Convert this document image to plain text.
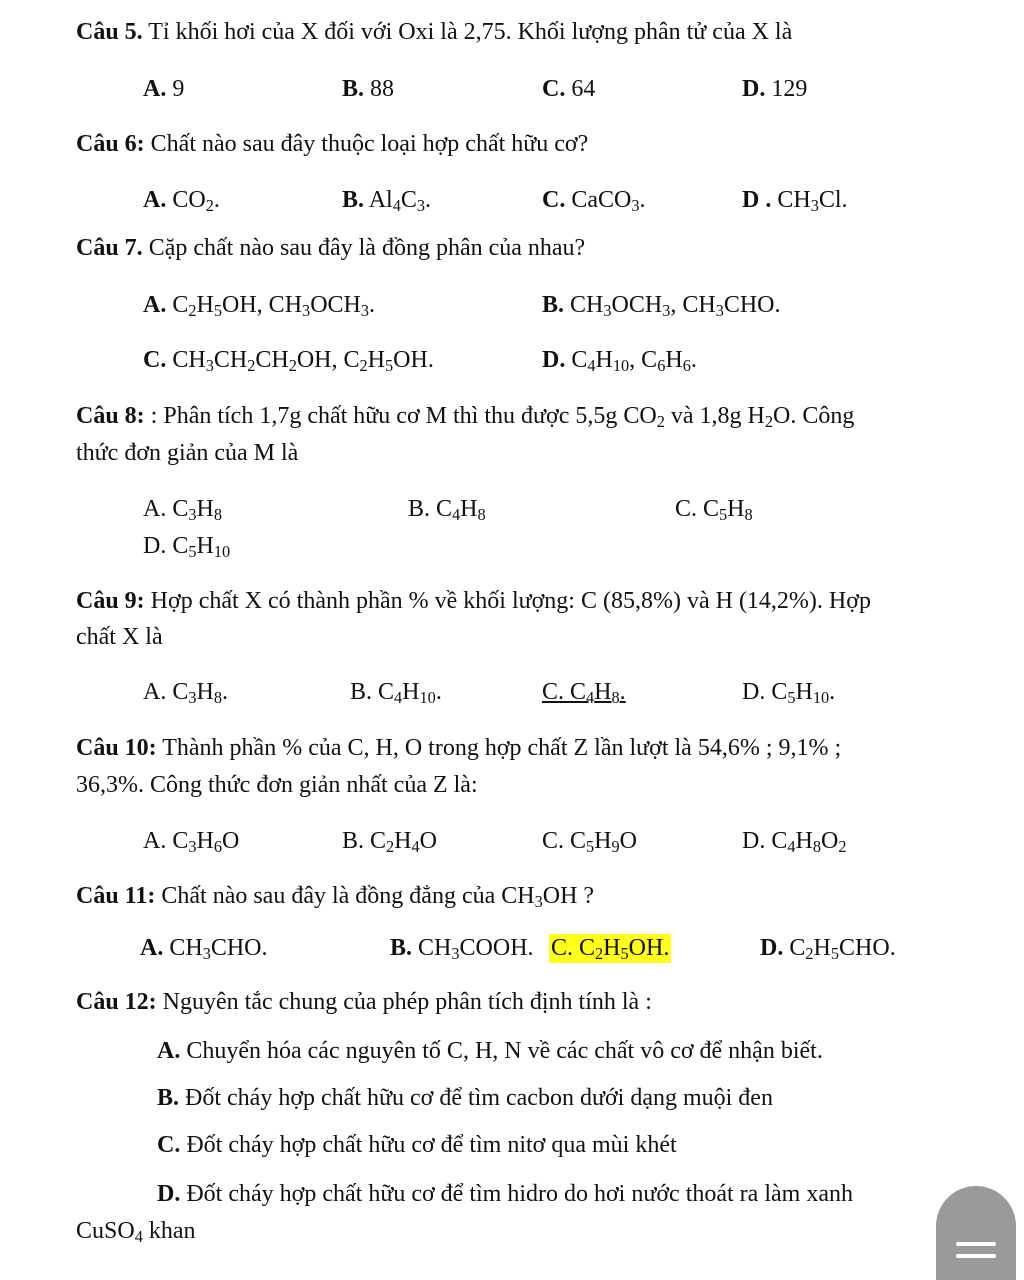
Câu 5. Tỉ khối hơi của X đối với Oxi là 2,75. Khối lượng phân tử của X là
A. 9	B. 88	C. 64	D. 129
Câu 6: Chất nào sau đây thuộc loại hợp chất hữu cơ?
A. $CO_2$.	B. $Al_4C_3$.	C. CaCO$_3$.	D . $CH_3Cl$.
Câu 7. Cặp chất nào sau đây là đồng phân của nhau?
A. $C_2H_5OH$, $CH_3OCH_3$.	B. $CH_3OCH_3$, $CH_3CHO$.
C. $CH_3CH_2CH_2OH$, $C_2H_5OH$.	D. $C_4H_{10}$, $C_6H_6$.
Câu 8: : Phân tích 1,7g chất hữu cơ M thì thu được 5,5g $CO_2$ và 1,8g $H_2O$. Công
thức đơn giản của M là
A. $C_3H_8$	B. $C_4H_8$	C. $C_5H_8$
D. $C_5H_{10}$
Câu 9: Hợp chất X có thành phần % về khối lượng: C (85,8%) và H (14,2%). Hợp
chất X là
A. $C_3H_8$.	B. $C_4H_{10}$.	C. $C_4H_8$.	D. $C_5H_{10}$.
Câu 10: Thành phần % của C, H, O trong hợp chất Z lần lượt là 54,6% ; 9,1% ;
36,3%. Công thức đơn giản nhất của Z là:
A. $C_3H_6O$	B. $C_2H_4O$	C. $C_5H_9O$	D. $C_4H_8O_2$
Câu 11: Chất nào sau đây là đồng đẳng của $CH_3OH$ ?
A. $CH_3CHO$.	B. $CH_3COOH$. C. $C_2H_5OH$.	D. $C_2H_5CHO$.
Câu 12: Nguyên tắc chung của phép phân tích định tính là :
A. Chuyển hóa các nguyên tố C, H, N về các chất vô cơ để nhận biết.
B. Đốt cháy hợp chất hữu cơ để tìm cacbon dưới dạng muội đen
C. Đốt cháy hợp chất hữu cơ để tìm nitơ qua mùi khét
D. Đốt cháy hợp chất hữu cơ để tìm hidro do hơi nước thoát ra làm xanh
CuSO$_4$ khan
